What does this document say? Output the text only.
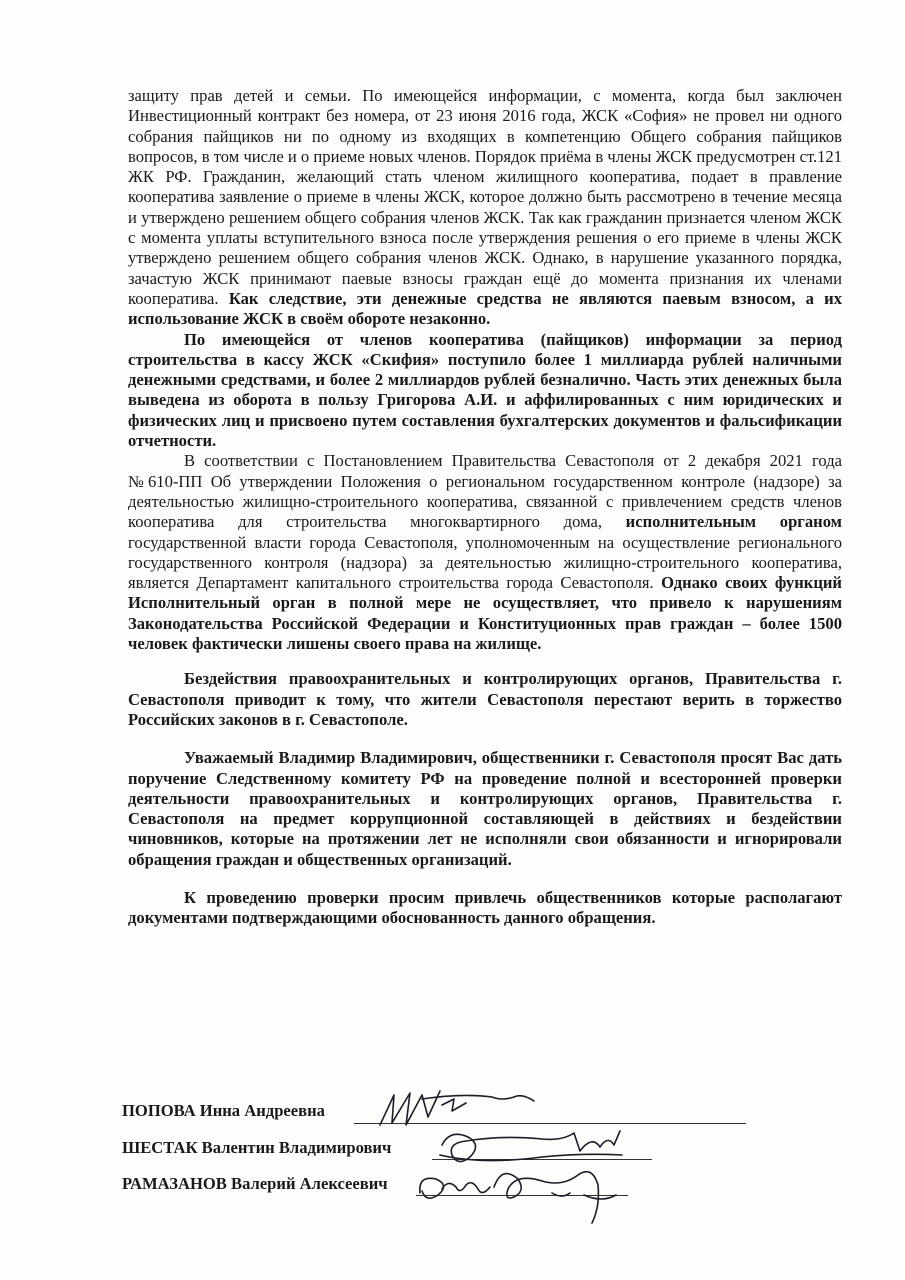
защиту прав детей и семьи. По имеющейся информации, с момента, когда был заключен Инвестиционный контракт без номера, от 23 июня 2016 года, ЖСК «София» не провел ни одного собрания пайщиков ни по одному из входящих в компетенцию Общего собрания пайщиков вопросов, в том числе и о приеме новых членов. Порядок приёма в члены ЖСК предусмотрен ст.121 ЖК РФ. Гражданин, желающий стать членом жилищного кооператива, подает в правление кооператива заявление о приеме в члены ЖСК, которое должно быть рассмотрено в течение месяца и утверждено решением общего собрания членов ЖСК. Так как гражданин признается членом ЖСК с момента уплаты вступительного взноса после утверждения решения о его приеме в члены ЖСК утверждено решением общего собрания членов ЖСК. Однако, в нарушение указанного порядка, зачастую ЖСК принимают паевые взносы граждан ещё до момента признания их членами кооператива. Как следствие, эти денежные средства не являются паевым взносом, а их использование ЖСК в своём обороте незаконно.

По имеющейся от членов кооператива (пайщиков) информации за период строительства в кассу ЖСК «Скифия» поступило более 1 миллиарда рублей наличными денежными средствами, и более 2 миллиардов рублей безналично. Часть этих денежных была выведена из оборота в пользу Григорова А.И. и аффилированных с ним юридических и физических лиц и присвоено путем составления бухгалтерских документов и фальсификации отчетности.

В соответствии с Постановлением Правительства Севастополя от 2 декабря 2021 года №610-ПП Об утверждении Положения о региональном государственном контроле (надзоре) за деятельностью жилищно-строительного кооператива, связанной с привлечением средств членов кооператива для строительства многоквартирного дома, исполнительным органом государственной власти города Севастополя, уполномоченным на осуществление регионального государственного контроля (надзора) за деятельностью жилищно-строительного кооператива, является Департамент капитального строительства города Севастополя. Однако своих функций Исполнительный орган в полной мере не осуществляет, что привело к нарушениям Законодательства Российской Федерации и Конституционных прав граждан – более 1500 человек фактически лишены своего права на жилище.

Бездействия правоохранительных и контролирующих органов, Правительства г. Севастополя приводит к тому, что жители Севастополя перестают верить в торжество Российских законов в г. Севастополе.

Уважаемый Владимир Владимирович, общественники г. Севастополя просят Вас дать поручение Следственному комитету РФ на проведение полной и всесторонней проверки деятельности правоохранительных и контролирующих органов, Правительства г. Севастополя на предмет коррупционной составляющей в действиях и бездействии чиновников, которые на протяжении лет не исполняли свои обязанности и игнорировали обращения граждан и общественных организаций.

К проведению проверки просим привлечь общественников которые располагают документами подтверждающими обоснованность данного обращения.

ПОПОВА Инна Андреевна
ШЕСТАК Валентин Владимирович
РАМАЗАНОВ Валерий Алексеевич
